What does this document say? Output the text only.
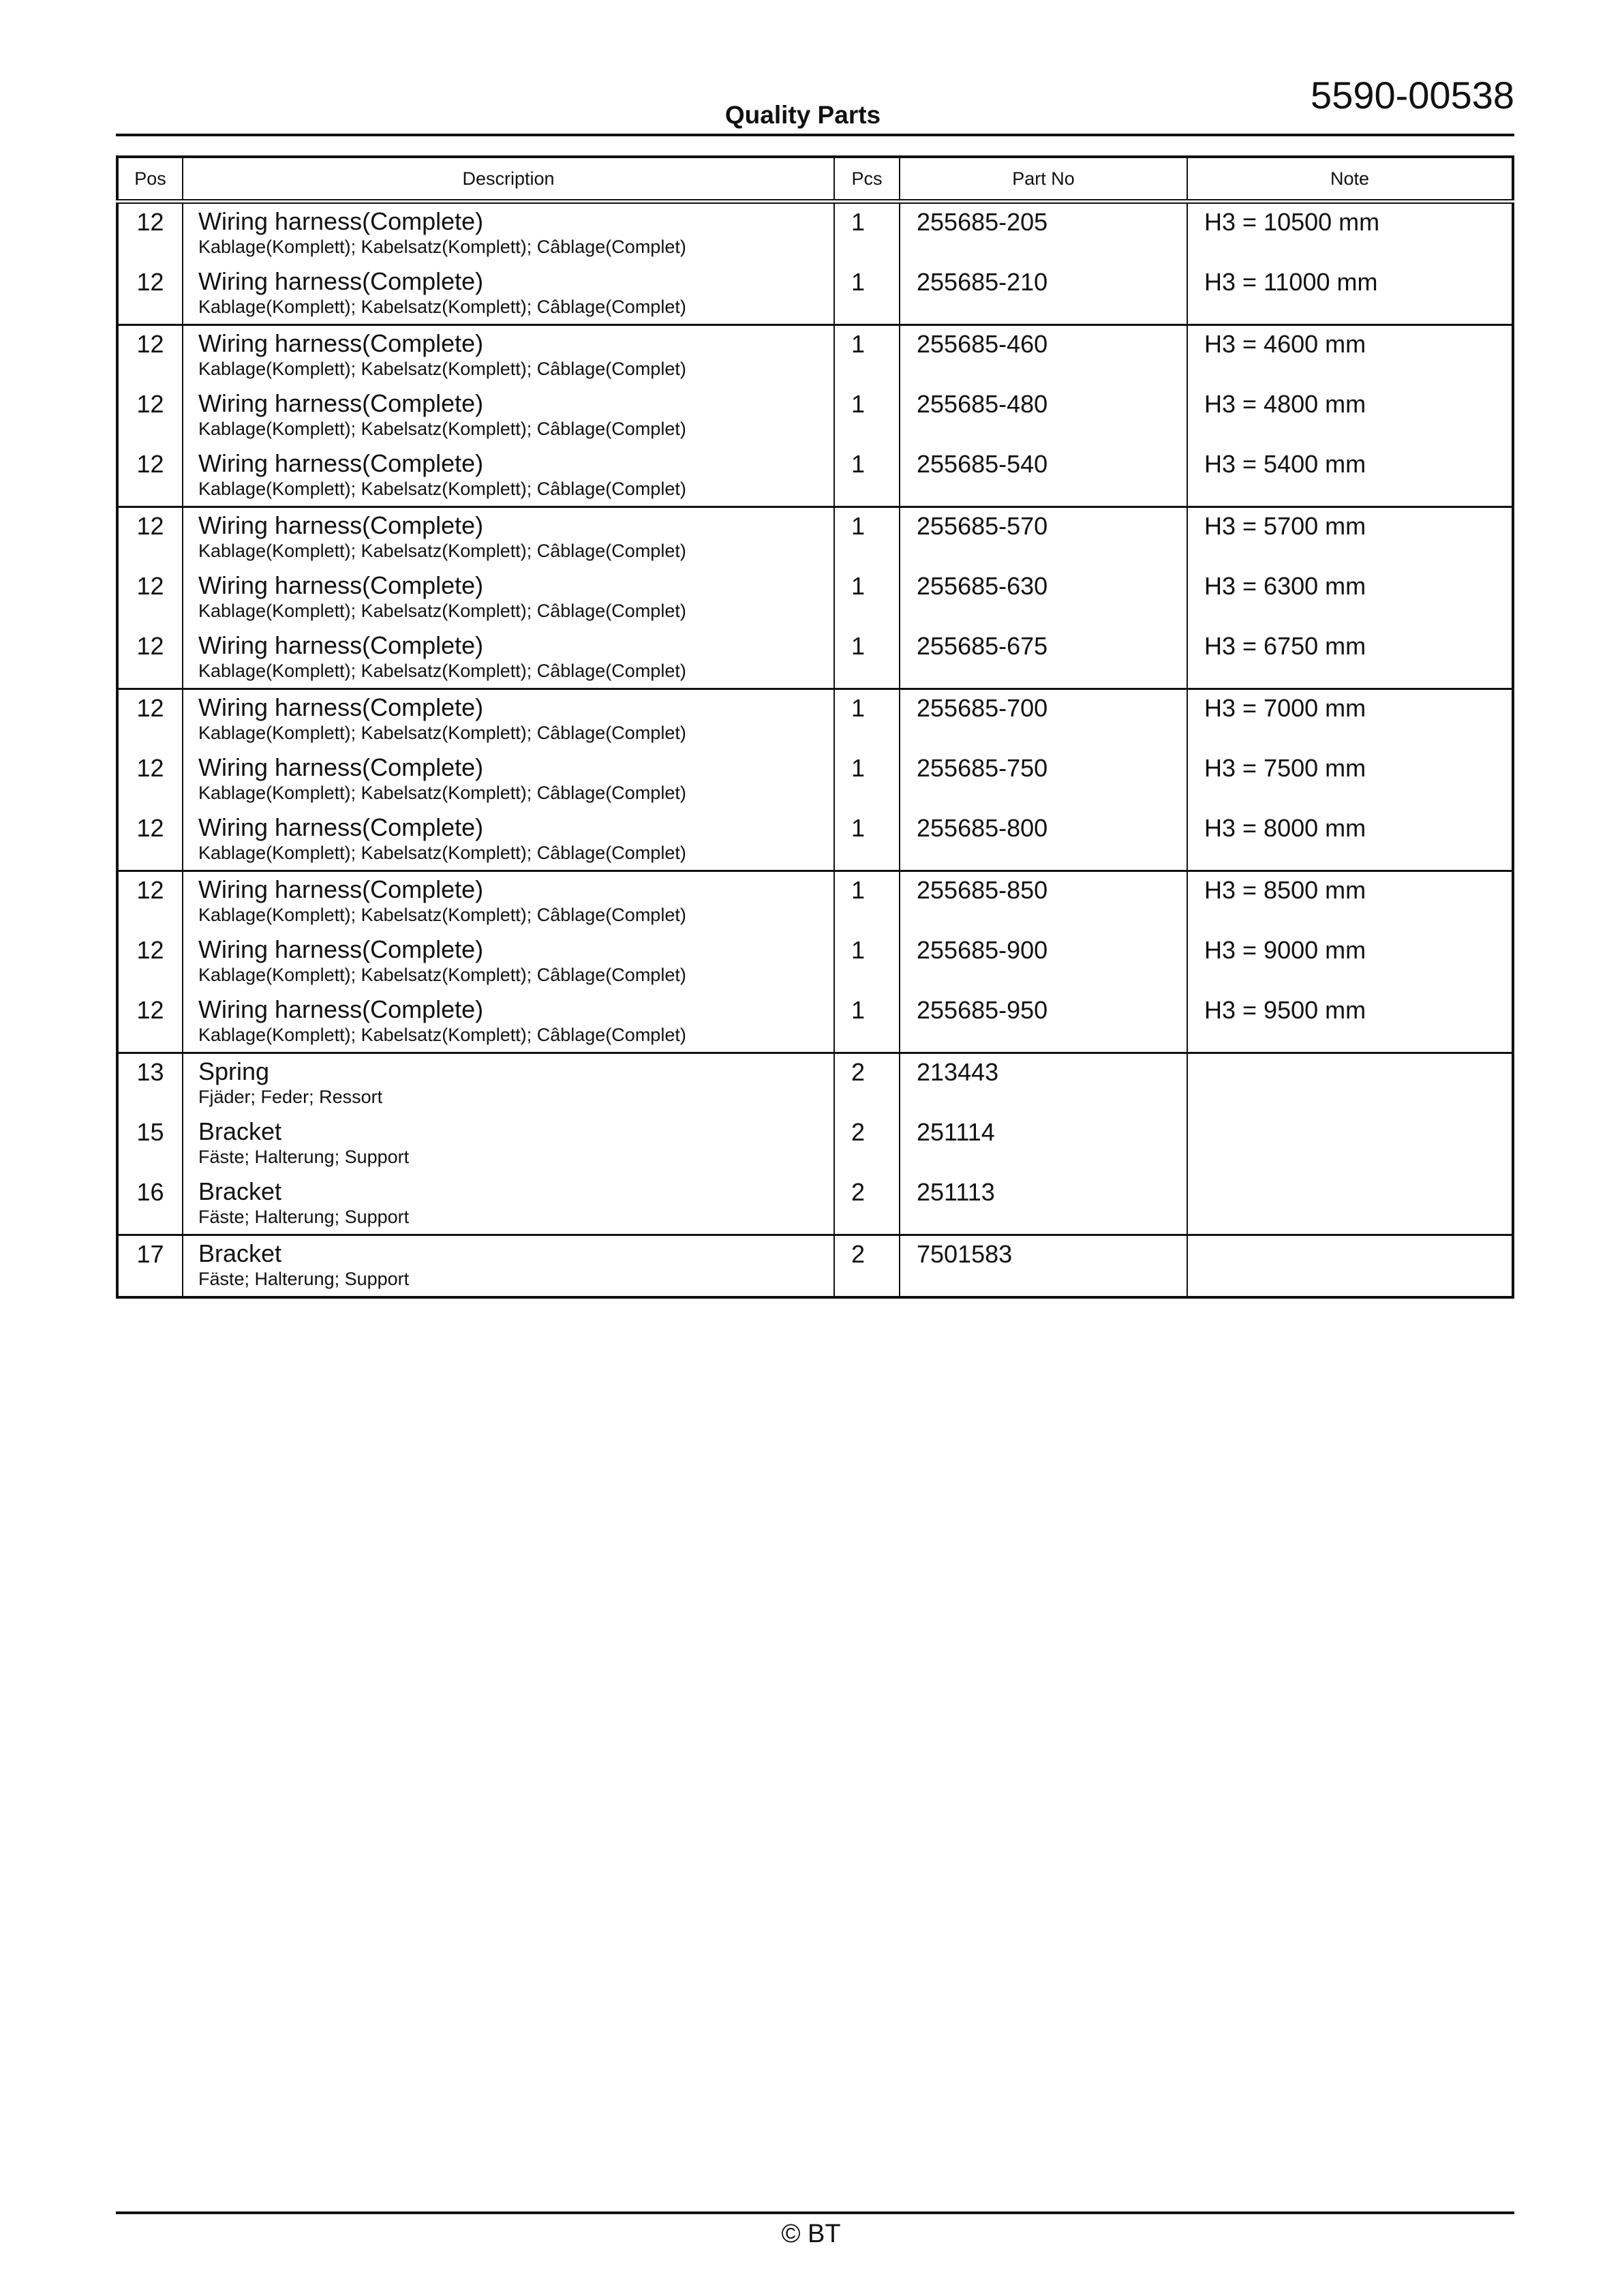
5590-00538
Quality Parts
Pos	Description	Pcs	Part No	Note
12	Wiring harness(Complete)
Kablage(Komplett); Kabelsatz(Komplett); Câblage(Complet)	1	255685-205	H3 = 10500 mm
12	Wiring harness(Complete)
Kablage(Komplett); Kabelsatz(Komplett); Câblage(Complet)	1	255685-210	H3 = 11000 mm
12	Wiring harness(Complete)
Kablage(Komplett); Kabelsatz(Komplett); Câblage(Complet)	1	255685-460	H3 = 4600 mm
12	Wiring harness(Complete)
Kablage(Komplett); Kabelsatz(Komplett); Câblage(Complet)	1	255685-480	H3 = 4800 mm
12	Wiring harness(Complete)
Kablage(Komplett); Kabelsatz(Komplett); Câblage(Complet)	1	255685-540	H3 = 5400 mm
12	Wiring harness(Complete)
Kablage(Komplett); Kabelsatz(Komplett); Câblage(Complet)	1	255685-570	H3 = 5700 mm
12	Wiring harness(Complete)
Kablage(Komplett); Kabelsatz(Komplett); Câblage(Complet)	1	255685-630	H3 = 6300 mm
12	Wiring harness(Complete)
Kablage(Komplett); Kabelsatz(Komplett); Câblage(Complet)	1	255685-675	H3 = 6750 mm
12	Wiring harness(Complete)
Kablage(Komplett); Kabelsatz(Komplett); Câblage(Complet)	1	255685-700	H3 = 7000 mm
12	Wiring harness(Complete)
Kablage(Komplett); Kabelsatz(Komplett); Câblage(Complet)	1	255685-750	H3 = 7500 mm
12	Wiring harness(Complete)
Kablage(Komplett); Kabelsatz(Komplett); Câblage(Complet)	1	255685-800	H3 = 8000 mm
12	Wiring harness(Complete)
Kablage(Komplett); Kabelsatz(Komplett); Câblage(Complet)	1	255685-850	H3 = 8500 mm
12	Wiring harness(Complete)
Kablage(Komplett); Kabelsatz(Komplett); Câblage(Complet)	1	255685-900	H3 = 9000 mm
12	Wiring harness(Complete)
Kablage(Komplett); Kabelsatz(Komplett); Câblage(Complet)	1	255685-950	H3 = 9500 mm
13	Spring
Fjäder; Feder; Ressort	2	213443	
15	Bracket
Fäste; Halterung; Support	2	251114	
16	Bracket
Fäste; Halterung; Support	2	251113	
17	Bracket
Fäste; Halterung; Support	2	7501583	
© BT
